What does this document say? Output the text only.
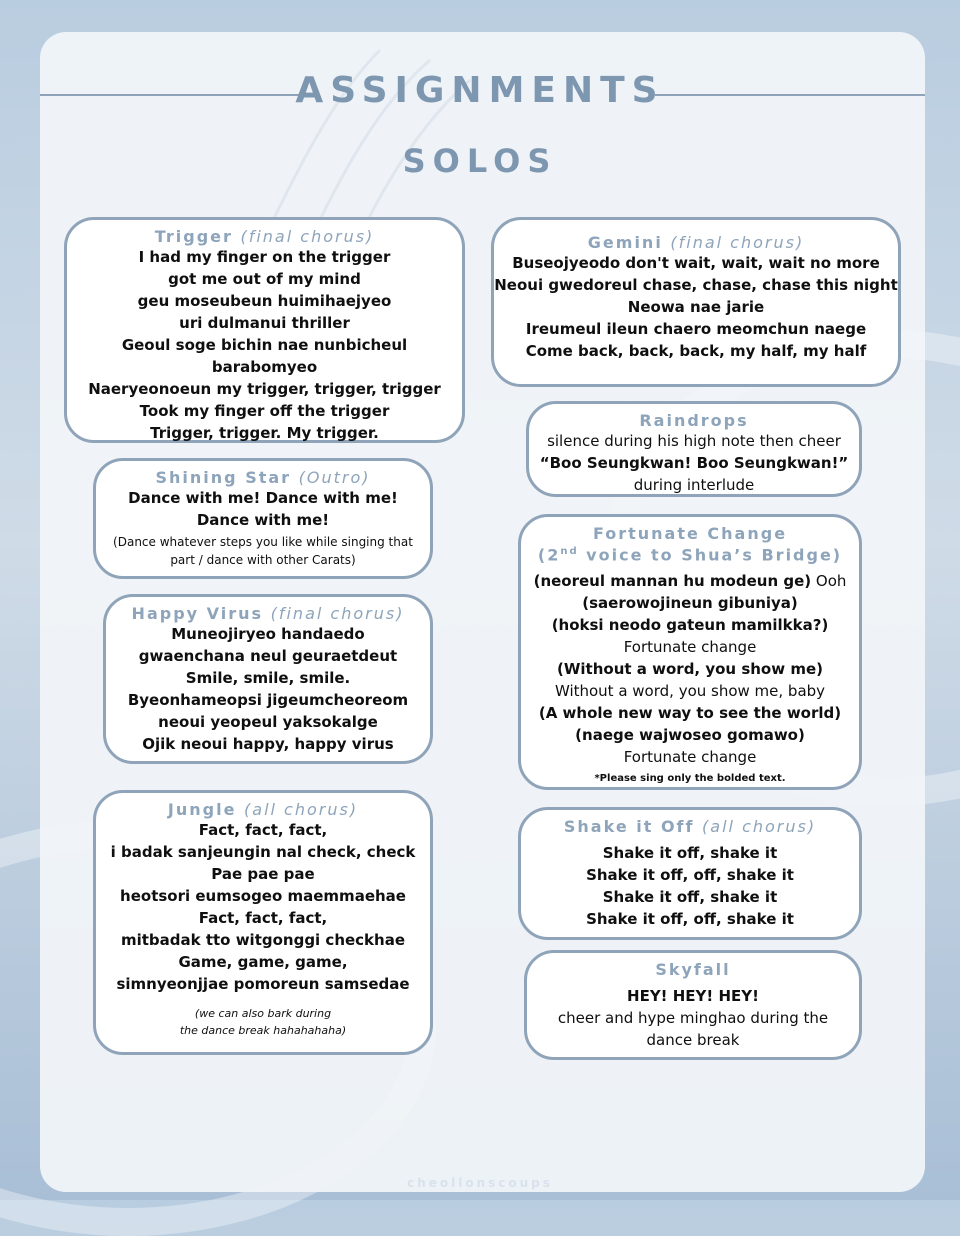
ASSIGNMENTS
SOLOS
Trigger (final chorus)

I had my finger on the trigger

got me out of my mind

geu moseubeun huimihaejyeo

uri dulmanui thriller

Geoul soge bichin nae nunbicheul barabomyeo

Naeryeonoeun my trigger, trigger, trigger

Took my finger off the trigger

Trigger, trigger. My trigger.

Gemini (final chorus)

Buseojyeodo don't wait, wait, wait no more

Neoui gwedoreul chase, chase, chase this night

Neowa nae jarie

Ireumeul ileun chaero meomchun naege

Come back, back, back, my half, my half

Raindrops

silence during his high note then cheer

“Boo Seungkwan! Boo Seungkwan!”

during interlude

Shining Star (Outro)

Dance with me! Dance with me!

Dance with me!

(Dance whatever steps you like while singing that

part / dance with other Carats)

Fortunate Change
(2nd voice to Shua’s Bridge)

(neoreul mannan hu modeun ge) Ooh

(saerowojineun gibuniya)

(hoksi neodo gateun mamilkka?)

Fortunate change

(Without a word, you show me)

Without a word, you show me, baby

(A whole new way to see the world)

(naege wajwoseo gomawo)

Fortunate change

*Please sing only the bolded text.

Happy Virus (final chorus)

Muneojiryeo handaedo

gwaenchana neul geuraetdeut

Smile, smile, smile.

Byeonhameopsi jigeumcheoreom

neoui yeopeul yaksokalge

Ojik neoui happy, happy virus

Jungle (all chorus)

Fact, fact, fact,

i badak sanjeungin nal check, check

Pae pae pae

heotsori eumsogeo maemmaehae

Fact, fact, fact,

mitbadak tto witgonggi checkhae

Game, game, game,

simnyeonjjae pomoreun samsedae

(we can also bark during

the dance break hahahahaha)

Shake it Off (all chorus)

Shake it off, shake it

Shake it off, off, shake it

Shake it off, shake it

Shake it off, off, shake it

Skyfall

HEY! HEY! HEY!

cheer and hype minghao during the

dance break

cheollonscoups
